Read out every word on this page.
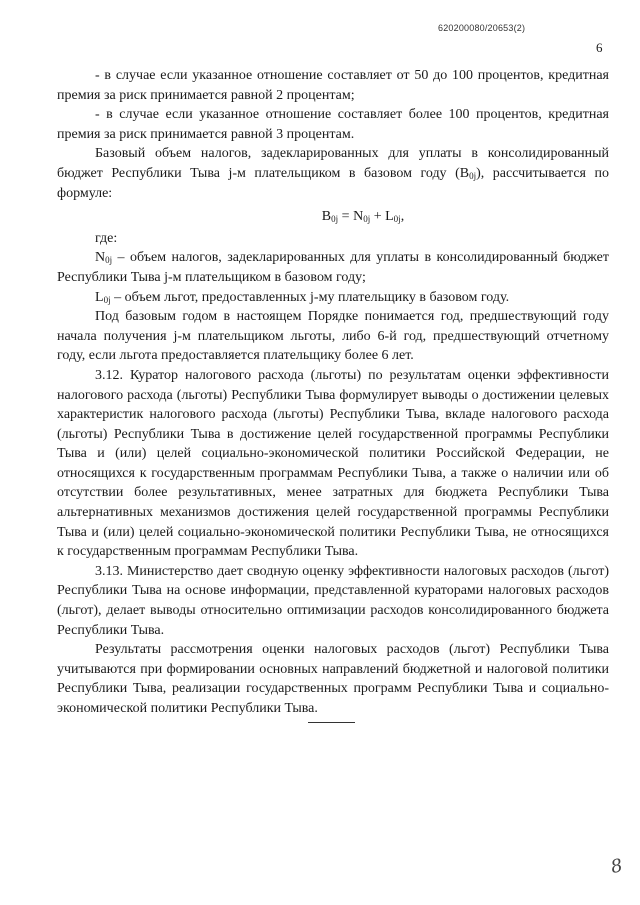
620200080/20653(2)
6

- в случае если указанное отношение составляет от 50 до 100 процентов, кредитная премия за риск принимается равной 2 процентам;

- в случае если указанное отношение составляет более 100 процентов, кредитная премия за риск принимается равной 3 процентам.

Базовый объем налогов, задекларированных для уплаты в консолидированный бюджет Республики Тыва j-м плательщиком в базовом году $(B_{0j})$, рассчитывается по формуле:

$B_{0j} = N_{0j} + L_{0j}$,

где:

$N_{0j}$ – объем налогов, задекларированных для уплаты в консолидированный бюджет Республики Тыва j-м плательщиком в базовом году;

$L_{0j}$ – объем льгот, предоставленных j-му плательщику в базовом году.

Под базовым годом в настоящем Порядке понимается год, предшествующий году начала получения j-м плательщиком льготы, либо 6-й год, предшествующий отчетному году, если льгота предоставляется плательщику более 6 лет.

3.12. Куратор налогового расхода (льготы) по результатам оценки эффективности налогового расхода (льготы) Республики Тыва формулирует выводы о достижении целевых характеристик налогового расхода (льготы) Республики Тыва, вкладе налогового расхода (льготы) Республики Тыва в достижение целей государственной программы Республики Тыва и (или) целей социально-экономической политики Российской Федерации, не относящихся к государственным программам Республики Тыва, а также о наличии или об отсутствии более результативных, менее затратных для бюджета Республики Тыва альтернативных механизмов достижения целей государственной программы Республики Тыва и (или) целей социально-экономической политики Республики Тыва, не относящихся к государственным программам Республики Тыва.

3.13. Министерство дает сводную оценку эффективности налоговых расходов (льгот) Республики Тыва на основе информации, представленной кураторами налоговых расходов (льгот), делает выводы относительно оптимизации расходов консолидированного бюджета Республики Тыва.

Результаты рассмотрения оценки налоговых расходов (льгот) Республики Тыва учитываются при формировании основных направлений бюджетной и налоговой политики Республики Тыва, реализации государственных программ Республики Тыва и социально-экономической политики Республики Тыва.

8
